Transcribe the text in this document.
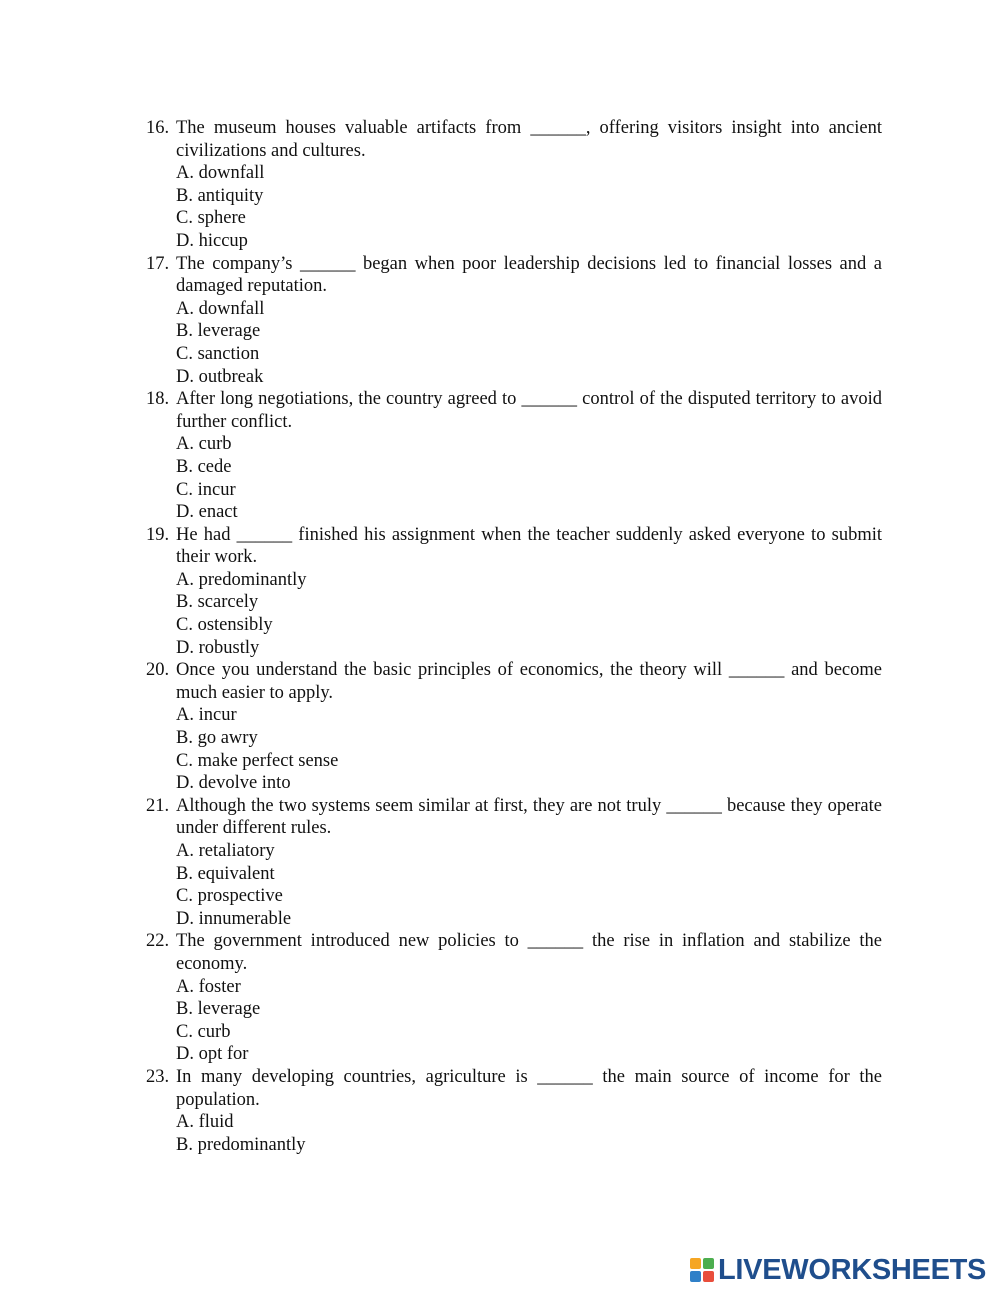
16. The museum houses valuable artifacts from ______, offering visitors insight into ancient civilizations and cultures.
A. downfall
B. antiquity
C. sphere
D. hiccup
17. The company’s ______ began when poor leadership decisions led to financial losses and a damaged reputation.
A. downfall
B. leverage
C. sanction
D. outbreak
18. After long negotiations, the country agreed to ______ control of the disputed territory to avoid further conflict.
A. curb
B. cede
C. incur
D. enact
19. He had ______ finished his assignment when the teacher suddenly asked everyone to submit their work.
A. predominantly
B. scarcely
C. ostensibly
D. robustly
20. Once you understand the basic principles of economics, the theory will ______ and become much easier to apply.
A. incur
B. go awry
C. make perfect sense
D. devolve into
21. Although the two systems seem similar at first, they are not truly ______ because they operate under different rules.
A. retaliatory
B. equivalent
C. prospective
D. innumerable
22. The government introduced new policies to ______ the rise in inflation and stabilize the economy.
A. foster
B. leverage
C. curb
D. opt for
23. In many developing countries, agriculture is ______ the main source of income for the population.
A. fluid
B. predominantly
LIVEWORKSHEETS
